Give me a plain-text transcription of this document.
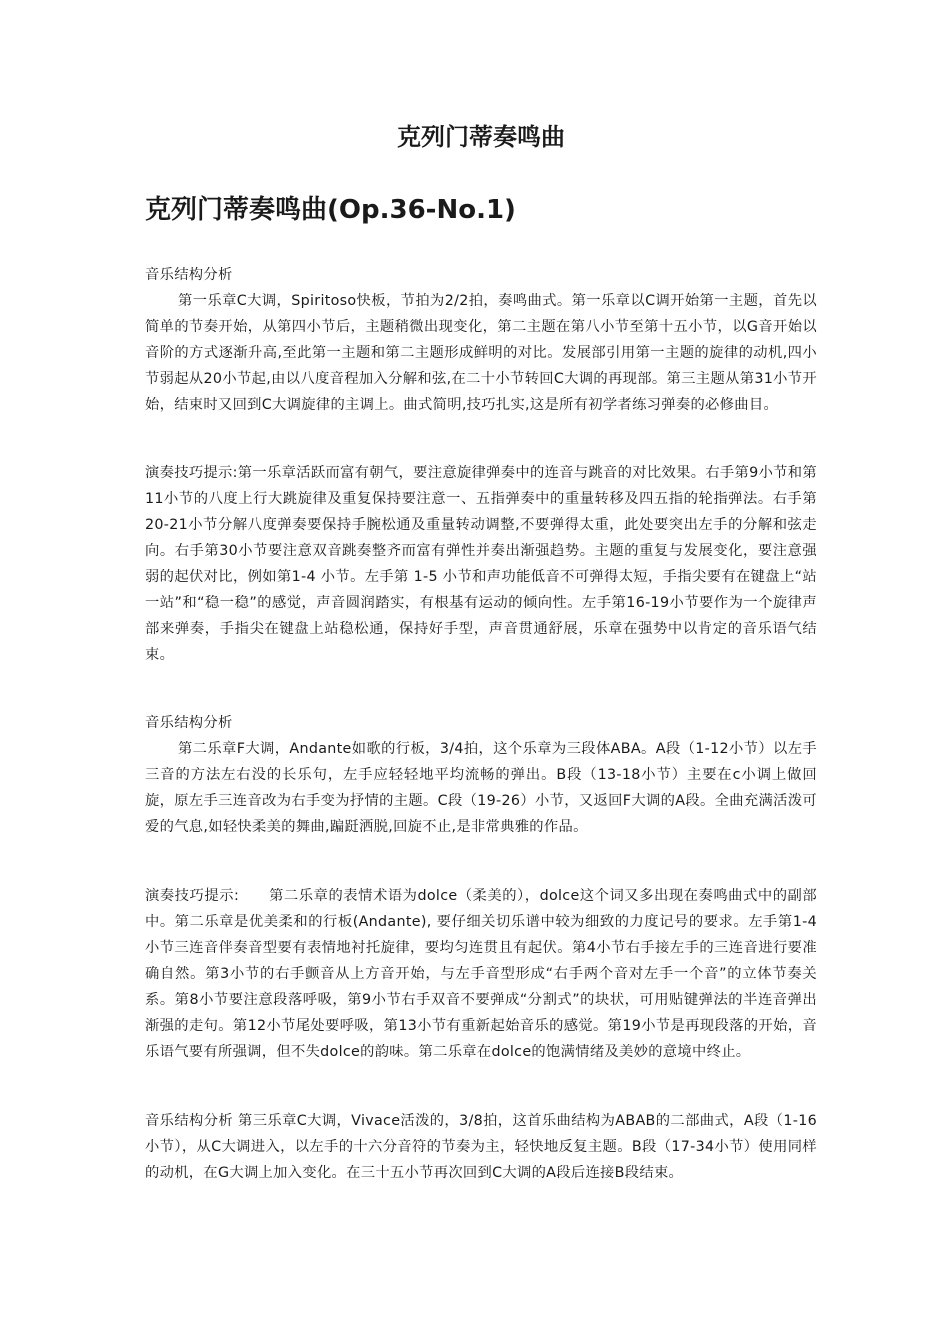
克列门蒂奏鸣曲
克列门蒂奏鸣曲(Op.36-No.1)

音乐结构分析

第一乐章C大调，Spiritoso快板，节拍为2/2拍，奏鸣曲式。第一乐章以C调开始第一主题，首先以简单的节奏开始，从第四小节后，主题稍微出现变化，第二主题在第八小节至第十五小节，以G音开始以音阶的方式逐渐升高,至此第一主题和第二主题形成鲜明的对比。发展部引用第一主题的旋律的动机,四小节弱起从20小节起,由以八度音程加入分解和弦,在二十小节转回C大调的再现部。第三主题从第31小节开始，结束时又回到C大调旋律的主调上。曲式简明,技巧扎实,这是所有初学者练习弹奏的必修曲目。

演奏技巧提示:第一乐章活跃而富有朝气，要注意旋律弹奏中的连音与跳音的对比效果。右手第9小节和第11小节的八度上行大跳旋律及重复保持要注意一、五指弹奏中的重量转移及四五指的轮指弹法。右手第20-21小节分解八度弹奏要保持手腕松通及重量转动调整,不要弹得太重，此处要突出左手的分解和弦走向。右手第30小节要注意双音跳奏整齐而富有弹性并奏出渐强趋势。主题的重复与发展变化，要注意强弱的起伏对比，例如第1-4 小节。左手第 1-5 小节和声功能低音不可弹得太短，手指尖要有在键盘上“站一站”和“稳一稳”的感觉，声音圆润踏实，有根基有运动的倾向性。左手第16-19小节要作为一个旋律声部来弹奏，手指尖在键盘上站稳松通，保持好手型，声音贯通舒展，乐章在强势中以肯定的音乐语气结束。

音乐结构分析

第二乐章F大调，Andante如歌的行板，3/4拍，这个乐章为三段体ABA。A段（1-12小节）以左手三音的方法左右没的长乐句，左手应轻轻地平均流畅的弹出。B段（13-18小节）主要在c小调上做回旋，原左手三连音改为右手变为抒情的主题。C段（19-26）小节，又返回F大调的A段。全曲充满活泼可爱的气息,如轻快柔美的舞曲,蹁跹洒脱,回旋不止,是非常典雅的作品。

演奏技巧提示:　　第二乐章的表情术语为dolce（柔美的），dolce这个词又多出现在奏鸣曲式中的副部中。第二乐章是优美柔和的行板(Andante), 要仔细关切乐谱中较为细致的力度记号的要求。左手第1-4小节三连音伴奏音型要有表情地衬托旋律，要均匀连贯且有起伏。第4小节右手接左手的三连音进行要准确自然。第3小节的右手颤音从上方音开始，与左手音型形成“右手两个音对左手一个音”的立体节奏关系。第8小节要注意段落呼吸，第9小节右手双音不要弹成“分割式”的块状，可用贴键弹法的半连音弹出渐强的走句。第12小节尾处要呼吸，第13小节有重新起始音乐的感觉。第19小节是再现段落的开始，音乐语气要有所强调，但不失dolce的韵味。第二乐章在dolce的饱满情绪及美妙的意境中终止。

音乐结构分析 第三乐章C大调，Vivace活泼的，3/8拍，这首乐曲结构为ABAB的二部曲式，A段（1-16小节），从C大调进入，以左手的十六分音符的节奏为主，轻快地反复主题。B段（17-34小节）使用同样的动机，在G大调上加入变化。在三十五小节再次回到C大调的A段后连接B段结束。
